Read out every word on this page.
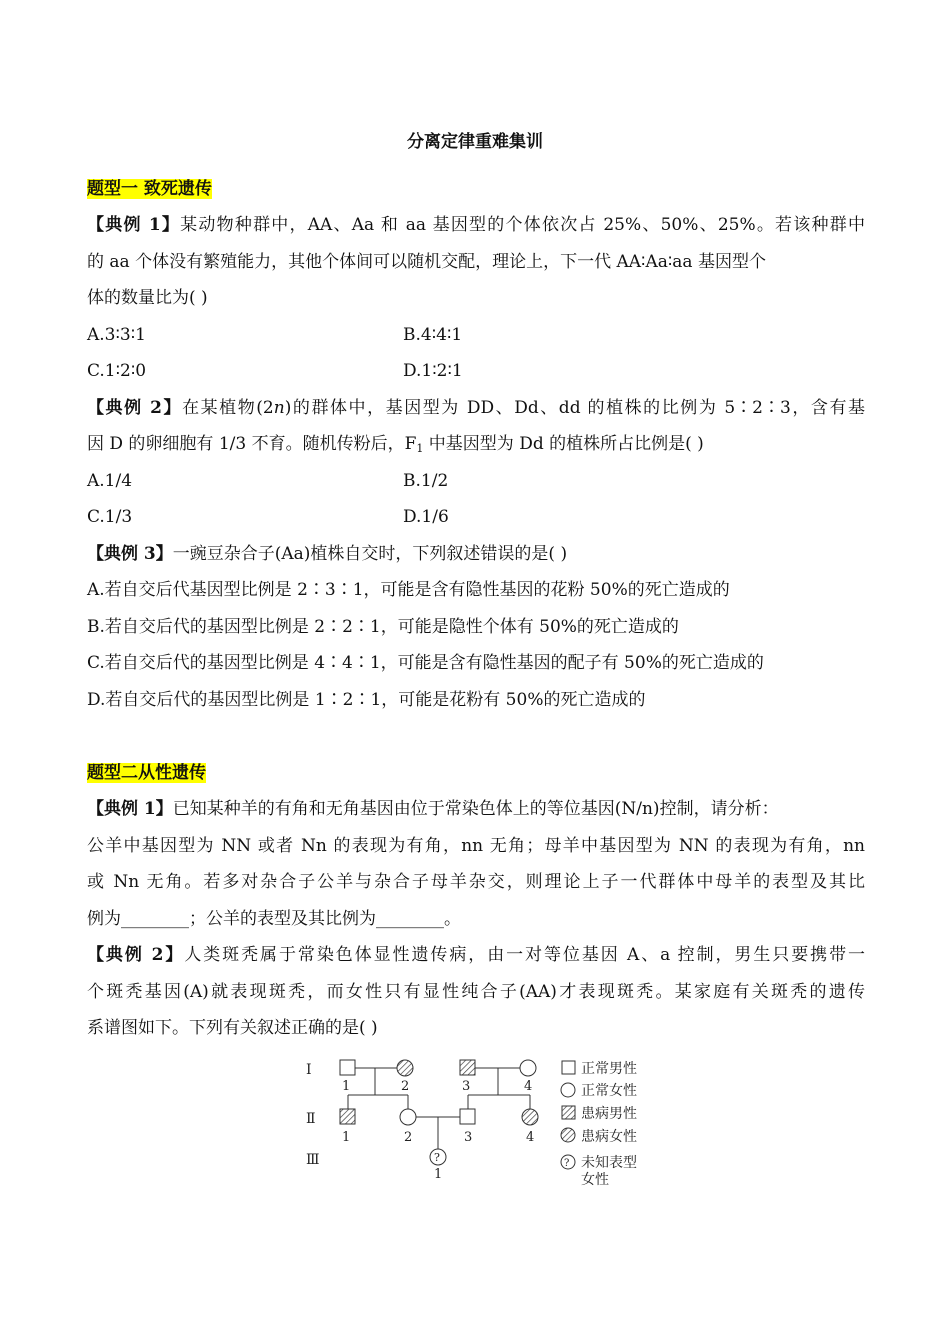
分离定律重难集训
题型一 致死遗传
【典例 1】某动物种群中，AA、Aa 和 aa 基因型的个体依次占 25%、50%、25%。若该种群中
的 aa 个体没有繁殖能力，其他个体间可以随机交配，理论上，下一代 AA∶Aa∶aa 基因型个
体的数量比为( )
A.3∶3∶1	B.4∶4∶1
C.1∶2∶0	D.1∶2∶1
【典例 2】在某植物(2n)的群体中，基因型为 DD、Dd、dd 的植株的比例为 5∶2∶3，含有基
因 D 的卵细胞有 1/3 不育。随机传粉后，$F_1$ 中基因型为 Dd 的植株所占比例是( )
A.1/4	B.1/2
C.1/3	D.1/6
【典例 3】一豌豆杂合子(Aa)植株自交时，下列叙述错误的是( )
A.若自交后代基因型比例是 2∶3∶1，可能是含有隐性基因的花粉 50%的死亡造成的
B.若自交后代的基因型比例是 2∶2∶1，可能是隐性个体有 50%的死亡造成的
C.若自交后代的基因型比例是 4∶4∶1，可能是含有隐性基因的配子有 50%的死亡造成的
D.若自交后代的基因型比例是 1∶2∶1，可能是花粉有 50%的死亡造成的
题型二从性遗传
【典例 1】已知某种羊的有角和无角基因由位于常染色体上的等位基因(N/n)控制，请分析：
公羊中基因型为 NN 或者 Nn 的表现为有角，nn 无角；母羊中基因型为 NN 的表现为有角，nn
或 Nn 无角。若多对杂合子公羊与杂合子母羊杂交，则理论上子一代群体中母羊的表型及其比
例为________；公羊的表型及其比例为________。
【典例 2】人类斑秃属于常染色体显性遗传病，由一对等位基因 A、a 控制，男生只要携带一
个斑秃基因(A)就表现斑秃，而女性只有显性纯合子(AA)才表现斑秃。某家庭有关斑秃的遗传
系谱图如下。下列有关叙述正确的是( )
Ⅰ
Ⅱ
Ⅲ
1	2	3	4
1	2	3	4
?
1
正常男性
正常女性
患病男性
患病女性
? 未知表型
女性
